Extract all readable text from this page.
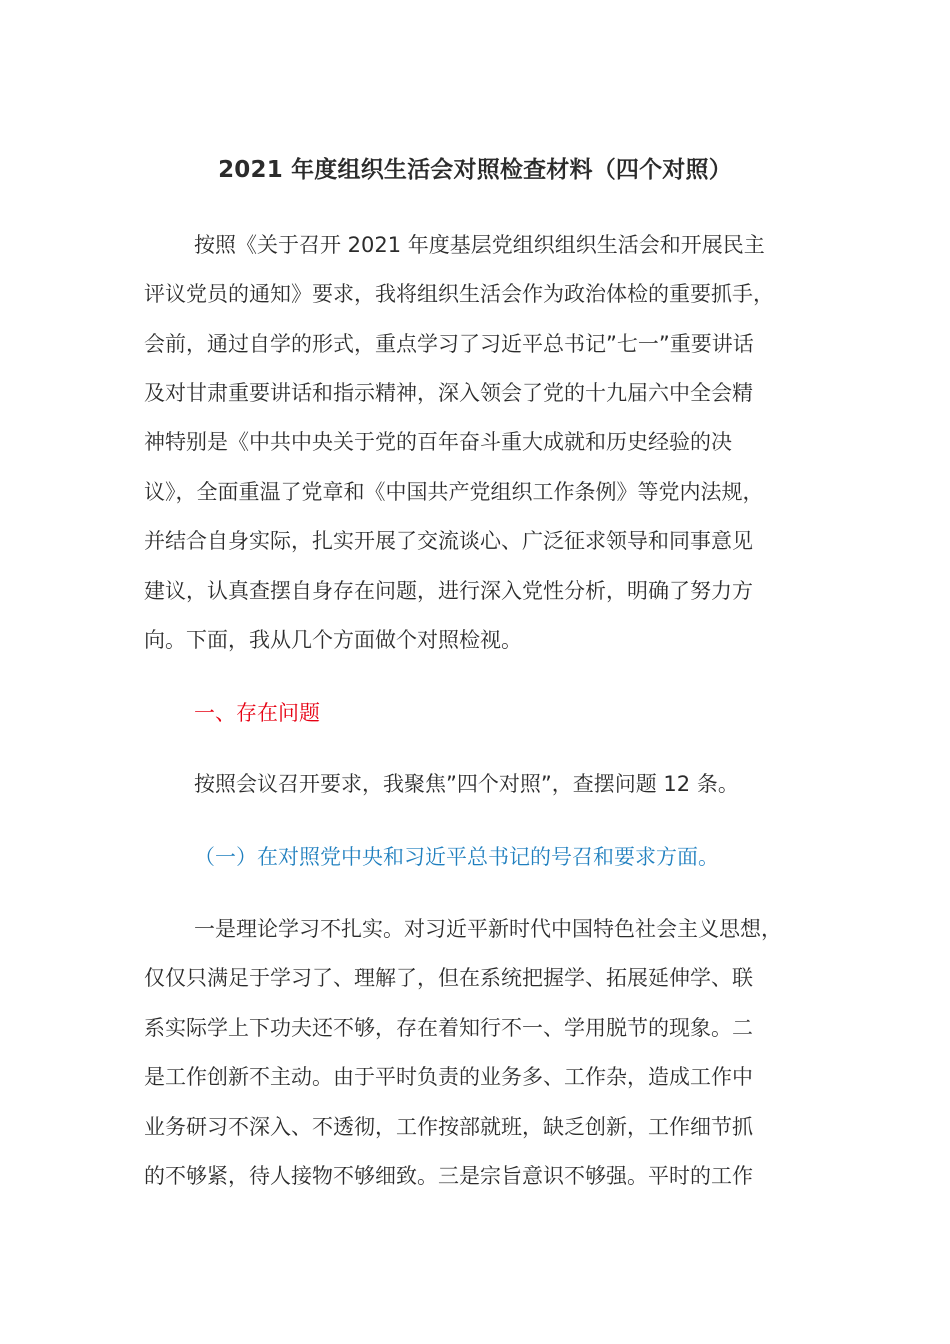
2021 年度组织生活会对照检查材料（四个对照）
按照《关于召开 2021 年度基层党组织组织生活会和开展民主
评议党员的通知》要求，我将组织生活会作为政治体检的重要抓手，
会前，通过自学的形式，重点学习了习近平总书记”七一”重要讲话
及对甘肃重要讲话和指示精神，深入领会了党的十九届六中全会精
神特别是《中共中央关于党的百年奋斗重大成就和历史经验的决
议》，全面重温了党章和《中国共产党组织工作条例》等党内法规，
并结合自身实际，扎实开展了交流谈心、广泛征求领导和同事意见
建议，认真查摆自身存在问题，进行深入党性分析，明确了努力方
向。下面，我从几个方面做个对照检视。
一、存在问题
按照会议召开要求，我聚焦”四个对照”，查摆问题 12 条。
（一）在对照党中央和习近平总书记的号召和要求方面。
一是理论学习不扎实。对习近平新时代中国特色社会主义思想，
仅仅只满足于学习了、理解了，但在系统把握学、拓展延伸学、联
系实际学上下功夫还不够，存在着知行不一、学用脱节的现象。二
是工作创新不主动。由于平时负责的业务多、工作杂，造成工作中
业务研习不深入、不透彻，工作按部就班，缺乏创新，工作细节抓
的不够紧，待人接物不够细致。三是宗旨意识不够强。平时的工作
